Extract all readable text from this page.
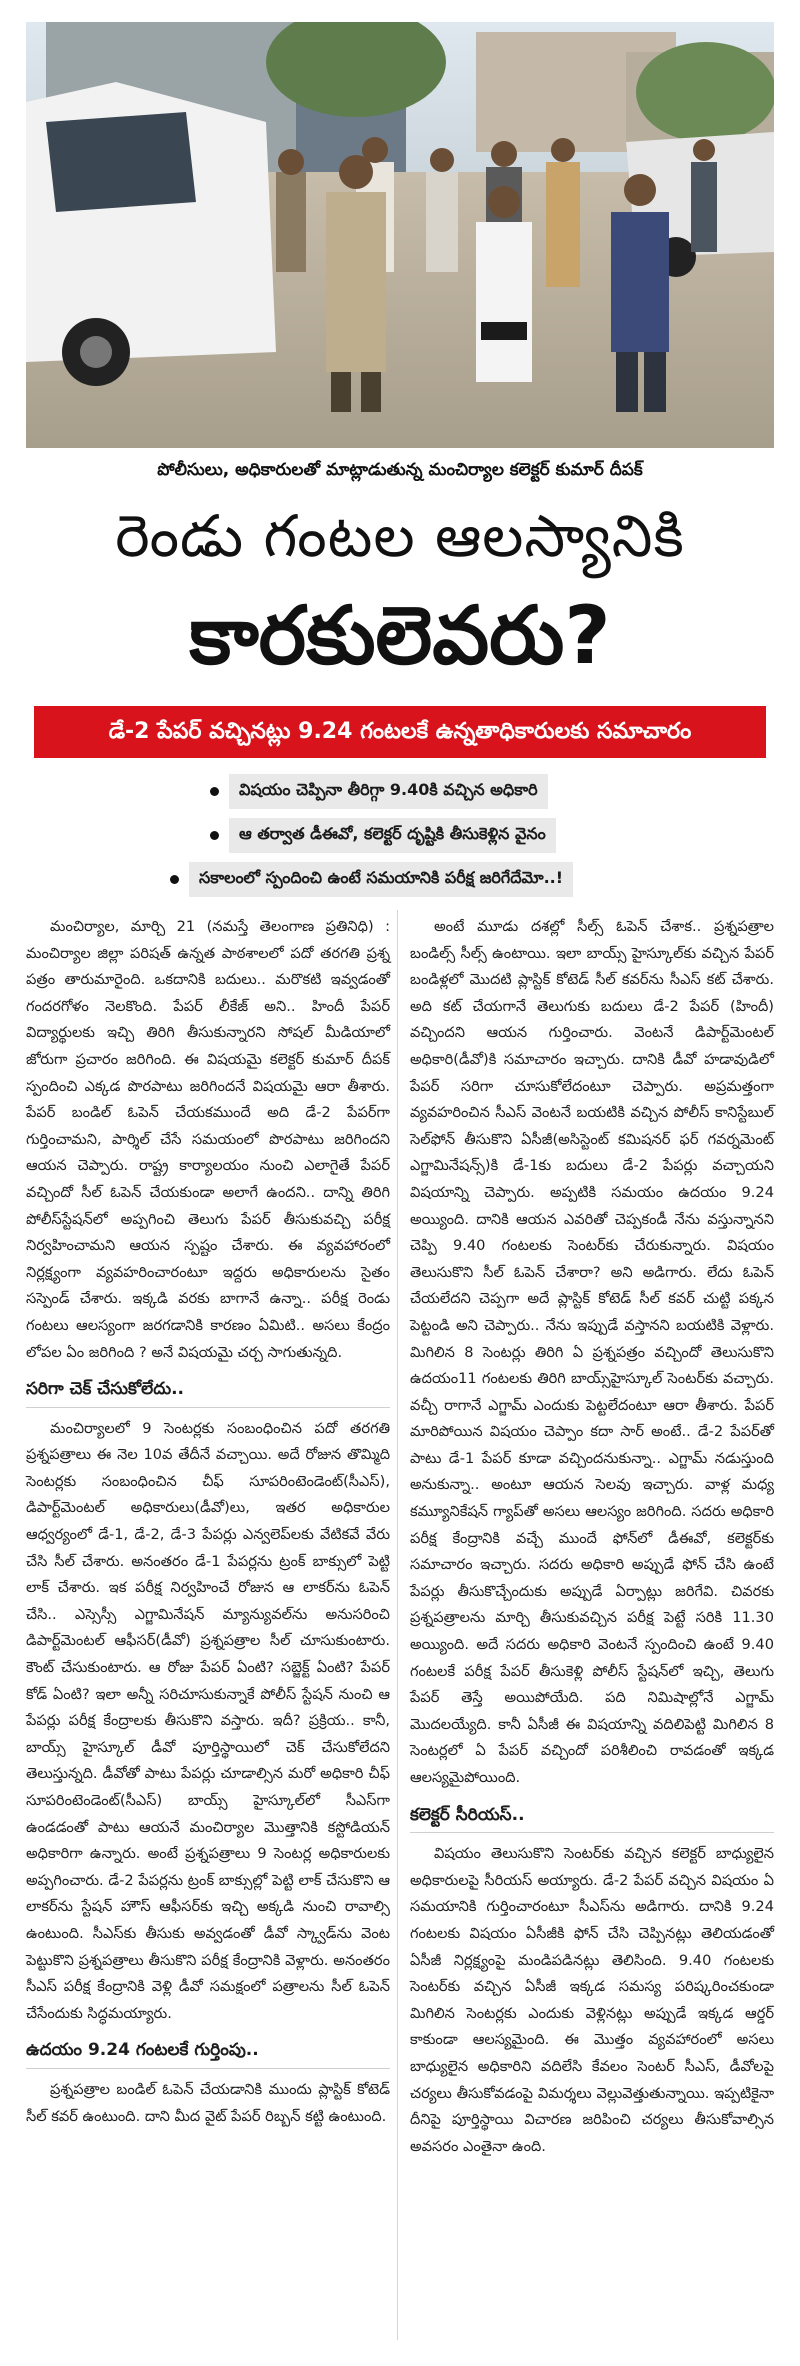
పోలీసులు, అధికారులతో మాట్లాడుతున్న మంచిర్యాల కలెక్టర్ కుమార్ దీపక్
రెండు గంటల ఆలస్యానికి
కారకులెవరు?
డే-2 పేపర్ వచ్చినట్లు 9.24 గంటలకే ఉన్నతాధికారులకు సమాచారం
విషయం చెప్పినా తీరిగ్గా 9.40కి వచ్చిన అధికారి
ఆ తర్వాత డీఈవో, కలెక్టర్ దృష్టికి తీసుకెళ్లిన వైనం
సకాలంలో స్పందించి ఉంటే సమయానికి పరీక్ష జరిగేదేమో..!

మంచిర్యాల, మార్చి 21 (నమస్తే తెలంగాణ ప్రతినిధి) : మంచిర్యాల జిల్లా పరిషత్ ఉన్నత పాఠశాలలో పదో తరగతి ప్రశ్న పత్రం తారుమారైంది. ఒకదానికి బదులు.. మరొకటి ఇవ్వడంతో గందరగోళం నెలకొంది. పేపర్ లీకేజ్ అని.. హిందీ పేపర్ విద్యార్థులకు ఇచ్చి తిరిగి తీసుకున్నారని సోషల్ మీడియాలో జోరుగా ప్రచారం జరిగింది. ఈ విషయమై కలెక్టర్ కుమార్ దీపక్ స్పందించి ఎక్కడ పొరపాటు జరిగిందనే విషయమై ఆరా తీశారు. పేపర్ బండిల్ ఓపెన్ చేయకముందే అది డే-2 పేపర్‌గా గుర్తించామని, పార్శిల్ చేసే సమయంలో పొరపాటు జరిగిందని ఆయన చెప్పారు. రాష్ట్ర కార్యాలయం నుంచి ఎలాగైతే పేపర్ వచ్చిందో సీల్ ఓపెన్ చేయకుండా అలాగే ఉందని.. దాన్ని తిరిగి పోలీస్‌స్టేషన్‌లో అప్పగించి తెలుగు పేపర్ తీసుకువచ్చి పరీక్ష నిర్వహించామని ఆయన స్పష్టం చేశారు. ఈ వ్యవహారంలో నిర్లక్ష్యంగా వ్యవహరించారంటూ ఇద్దరు అధికారులను సైతం సస్పెండ్ చేశారు. ఇక్కడి వరకు బాగానే ఉన్నా.. పరీక్ష రెండు గంటలు ఆలస్యంగా జరగడానికి కారణం ఏమిటి.. అసలు కేంద్రం లోపల ఏం జరిగింది ? అనే విషయమై చర్చ సాగుతున్నది.

సరిగా చెక్ చేసుకోలేదు..

మంచిర్యాలలో 9 సెంటర్లకు సంబంధించిన పదో తరగతి ప్రశ్నపత్రాలు ఈ నెల 10వ తేదీనే వచ్చాయి. అదే రోజున తొమ్మిది సెంటర్లకు సంబంధించిన చీఫ్ సూపరింటెండెంట్(సీఎస్), డిపార్ట్‌మెంటల్ అధికారులు(డీవో)లు, ఇతర అధికారుల ఆధ్వర్యంలో డే-1, డే-2, డే-3 పేపర్లు ఎన్వలెప్‌లకు వేటికవే వేరు చేసి సీల్ చేశారు. అనంతరం డే-1 పేపర్లను ట్రంక్ బాక్సులో పెట్టి లాక్ చేశారు. ఇక పరీక్ష నిర్వహించే రోజున ఆ లాకర్‌ను ఓపెన్ చేసి.. ఎస్సెస్సీ ఎగ్జామినేషన్ మ్యాన్యువల్‌ను అనుసరించి డిపార్ట్‌మెంటల్ ఆఫీసర్(డీవో) ప్రశ్నపత్రాల సీల్ చూసుకుంటారు. కౌంట్ చేసుకుంటారు. ఆ రోజు పేపర్ ఏంటి? సబ్జెక్ట్ ఏంటి? పేపర్ కోడ్ ఏంటి? ఇలా అన్నీ సరిచూసుకున్నాకే పోలీస్ స్టేషన్ నుంచి ఆ పేపర్లు పరీక్ష కేంద్రాలకు తీసుకొని వస్తారు. ఇదీ? ప్రక్రియ.. కానీ, బాయ్స్ హైస్కూల్ డీవో పూర్తిస్థాయిలో చెక్ చేసుకోలేదని తెలుస్తున్నది. డీవోతో పాటు పేపర్లు చూడాల్సిన మరో అధికారి చీఫ్ సూపరింటెండెంట్(సీఎస్) బాయ్స్ హైస్కూల్‌లో సీఎస్‌గా ఉండడంతో పాటు ఆయనే మంచిర్యాల మొత్తానికి కస్టోడియన్ అధికారిగా ఉన్నారు. అంటే ప్రశ్నపత్రాలు 9 సెంటర్ల అధికారులకు అప్పగించారు. డే-2 పేపర్లను ట్రంక్ బాక్సుల్లో పెట్టి లాక్ చేసుకొని ఆ లాకర్‌ను స్టేషన్ హౌస్ ఆఫీసర్‌కు ఇచ్చి అక్కడి నుంచి రావాల్సి ఉంటుంది. సీఎస్‌కు తీసుకు అవ్వడంతో డీవో స్క్వాడ్‌ను వెంట పెట్టుకొని ప్రశ్నపత్రాలు తీసుకొని పరీక్ష కేంద్రానికి వెళ్లారు. అనంతరం సీఎస్ పరీక్ష కేంద్రానికి వెళ్లి డీవో సమక్షంలో పత్రాలను సీల్ ఓపెన్ చేసేందుకు సిద్ధమయ్యారు.

ఉదయం 9.24 గంటలకే గుర్తింపు..

ప్రశ్నపత్రాల బండిల్ ఓపెన్ చేయడానికి ముందు ప్లాస్టిక్ కోటెడ్ సీల్ కవర్ ఉంటుంది. దాని మీద వైట్ పేపర్ రిబ్బన్ కట్టి ఉంటుంది.

అంటే మూడు దశల్లో సీల్స్ ఓపెన్ చేశాక.. ప్రశ్నపత్రాల బండిల్స్ సీల్స్ ఉంటాయి. ఇలా బాయ్స్ హైస్కూల్‌కు వచ్చిన పేపర్ బండిళ్లలో మొదటి ప్లాస్టిక్ కోటెడ్ సీల్ కవర్‌ను సీఎస్ కట్ చేశారు. అది కట్ చేయగానే తెలుగుకు బదులు డే-2 పేపర్ (హిందీ) వచ్చిందని ఆయన గుర్తించారు. వెంటనే డిపార్ట్‌మెంటల్ అధికారి(డీవో)కి సమాచారం ఇచ్చారు. దానికి డీవో హడావుడిలో పేపర్ సరిగా చూసుకోలేదంటూ చెప్పారు. అప్రమత్తంగా వ్యవహరించిన సీఎస్ వెంటనే బయటికి వచ్చిన పోలీస్ కానిస్టేబుల్ సెల్‌ఫోన్ తీసుకొని ఏసీజీ(అసిస్టెంట్ కమిషనర్ ఫర్ గవర్నమెంట్ ఎగ్జామినేషన్స్)కి డే-1కు బదులు డే-2 పేపర్లు వచ్చాయని విషయాన్ని చెప్పారు. అప్పటికి సమయం ఉదయం 9.24 అయ్యింది. దానికి ఆయన ఎవరితో చెప్పకండీ నేను వస్తున్నానని చెప్పి 9.40 గంటలకు సెంటర్‌కు చేరుకున్నారు. విషయం తెలుసుకొని సీల్ ఓపెన్ చేశారా? అని అడిగారు. లేదు ఓపెన్ చేయలేదని చెప్పగా అదే ప్లాస్టిక్ కోటెడ్ సీల్ కవర్ చుట్టి పక్కన పెట్టండి అని చెప్పారు.. నేను ఇప్పుడే వస్తానని బయటికి వెళ్లారు. మిగిలిన 8 సెంటర్లు తిరిగి ఏ ప్రశ్నపత్రం వచ్చిందో తెలుసుకొని ఉదయం11 గంటలకు తిరిగి బాయ్స్‌హైస్కూల్ సెంటర్‌కు వచ్చారు. వచ్చీ రాగానే ఎగ్జామ్ ఎందుకు పెట్టలేదంటూ ఆరా తీశారు. పేపర్ మారిపోయిన విషయం చెప్పాం కదా సార్ అంటే.. డే-2 పేపర్‌తో పాటు డే-1 పేపర్ కూడా వచ్చిందనుకున్నా.. ఎగ్జామ్ నడుస్తుంది అనుకున్నా.. అంటూ ఆయన సెలవు ఇచ్చారు. వాళ్ల మధ్య కమ్యూనికేషన్ గ్యాప్‌తో అసలు ఆలస్యం జరిగింది. సదరు అధికారి పరీక్ష కేంద్రానికి వచ్చే ముందే ఫోన్‌లో డీఈవో, కలెక్టర్‌కు సమాచారం ఇచ్చారు. సదరు అధికారి అప్పుడే ఫోన్ చేసి ఉంటే పేపర్లు తీసుకొచ్చేందుకు అప్పుడే ఏర్పాట్లు జరిగేవి. చివరకు ప్రశ్నపత్రాలను మార్చి తీసుకువచ్చిన పరీక్ష పెట్టే సరికి 11.30 అయ్యింది. అదే సదరు అధికారి వెంటనే స్పందించి ఉంటే 9.40 గంటలకే పరీక్ష పేపర్ తీసుకెళ్లి పోలీస్ స్టేషన్‌లో ఇచ్చి, తెలుగు పేపర్ తెస్తే అయిపోయేది. పది నిమిషాల్లోనే ఎగ్జామ్ మొదలయ్యేది. కానీ ఏసీజీ ఈ విషయాన్ని వదిలిపెట్టి మిగిలిన 8 సెంటర్లలో ఏ పేపర్ వచ్చిందో పరిశీలించి రావడంతో ఇక్కడ ఆలస్యమైపోయింది.

కలెక్టర్ సీరియస్..

విషయం తెలుసుకొని సెంటర్‌కు వచ్చిన కలెక్టర్ బాధ్యులైన అధికారులపై సీరియస్ అయ్యారు. డే-2 పేపర్ వచ్చిన విషయం ఏ సమయానికి గుర్తించారంటూ సీఎస్‌ను అడిగారు. దానికి 9.24 గంటలకు విషయం ఏసీజీకి ఫోన్ చేసి చెప్పినట్లు తెలియడంతో ఏసీజీ నిర్లక్ష్యంపై మండిపడినట్లు తెలిసింది. 9.40 గంటలకు సెంటర్‌కు వచ్చిన ఏసీజీ ఇక్కడ సమస్య పరిష్కరించకుండా మిగిలిన సెంటర్లకు ఎందుకు వెళ్లినట్లు అప్పుడే ఇక్కడ ఆర్డర్ కాకుండా ఆలస్యమైంది. ఈ మొత్తం వ్యవహారంలో అసలు బాధ్యులైన అధికారిని వదిలేసి కేవలం సెంటర్ సీఎస్, డీవోలపై చర్యలు తీసుకోవడంపై విమర్శలు వెల్లువెత్తుతున్నాయి. ఇప్పటికైనా దీనిపై పూర్తిస్థాయి విచారణ జరిపించి చర్యలు తీసుకోవాల్సిన అవసరం ఎంతైనా ఉంది.
